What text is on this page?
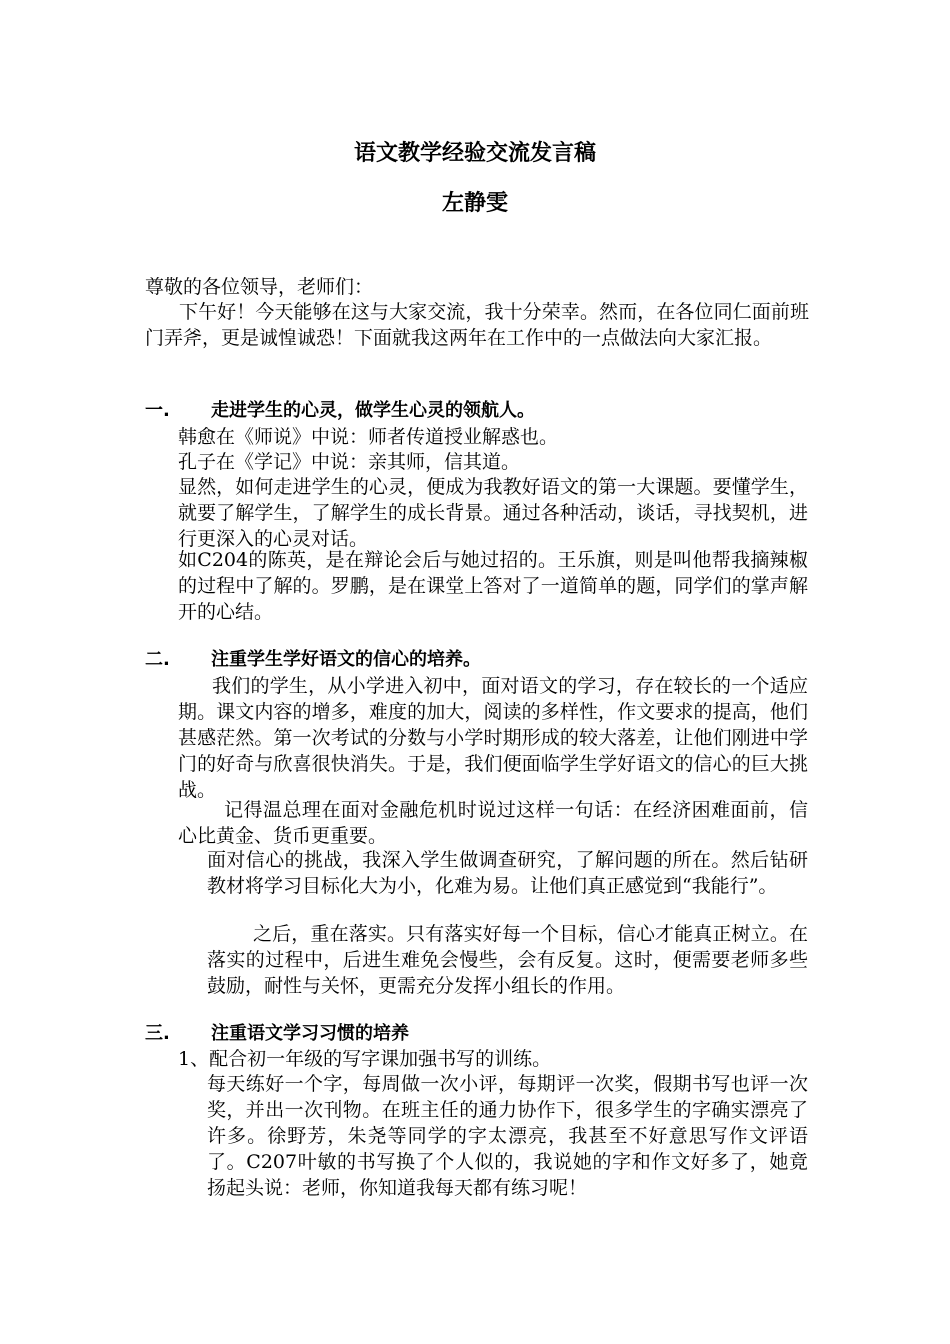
语文教学经验交流发言稿
左静雯
尊敬的各位领导，老师们：

下午好！今天能够在这与大家交流，我十分荣幸。然而，在各位同仁面前班门弄斧，更是诚惶诚恐！下面就我这两年在工作中的一点做法向大家汇报。

一. 走进学生的心灵，做学生心灵的领航人。
韩愈在《师说》中说：师者传道授业解惑也。
孔子在《学记》中说：亲其师，信其道。

显然，如何走进学生的心灵，便成为我教好语文的第一大课题。要懂学生，就要了解学生，了解学生的成长背景。通过各种活动，谈话，寻找契机，进行更深入的心灵对话。

如C204的陈英，是在辩论会后与她过招的。王乐旗，则是叫他帮我摘辣椒的过程中了解的。罗鹏，是在课堂上答对了一道简单的题，同学们的掌声解开的心结。

二. 注重学生学好语文的信心的培养。

我们的学生，从小学进入初中，面对语文的学习，存在较长的一个适应期。课文内容的增多，难度的加大，阅读的多样性，作文要求的提高，他们甚感茫然。第一次考试的分数与小学时期形成的较大落差，让他们刚进中学门的好奇与欣喜很快消失。于是，我们便面临学生学好语文的信心的巨大挑战。

记得温总理在面对金融危机时说过这样一句话：在经济困难面前，信心比黄金、货币更重要。

面对信心的挑战，我深入学生做调查研究，了解问题的所在。然后钻研教材将学习目标化大为小，化难为易。让他们真正感觉到“我能行”。

之后，重在落实。只有落实好每一个目标，信心才能真正树立。在落实的过程中，后进生难免会慢些，会有反复。这时，便需要老师多些鼓励，耐性与关怀，更需充分发挥小组长的作用。

三. 注重语文学习习惯的培养
1、配合初一年级的写字课加强书写的训练。

每天练好一个字，每周做一次小评，每期评一次奖，假期书写也评一次奖，并出一次刊物。在班主任的通力协作下，很多学生的字确实漂亮了许多。徐野芳，朱尧等同学的字太漂亮，我甚至不好意思写作文评语了。C207叶敏的书写换了个人似的，我说她的字和作文好多了，她竟扬起头说：老师，你知道我每天都有练习呢！
